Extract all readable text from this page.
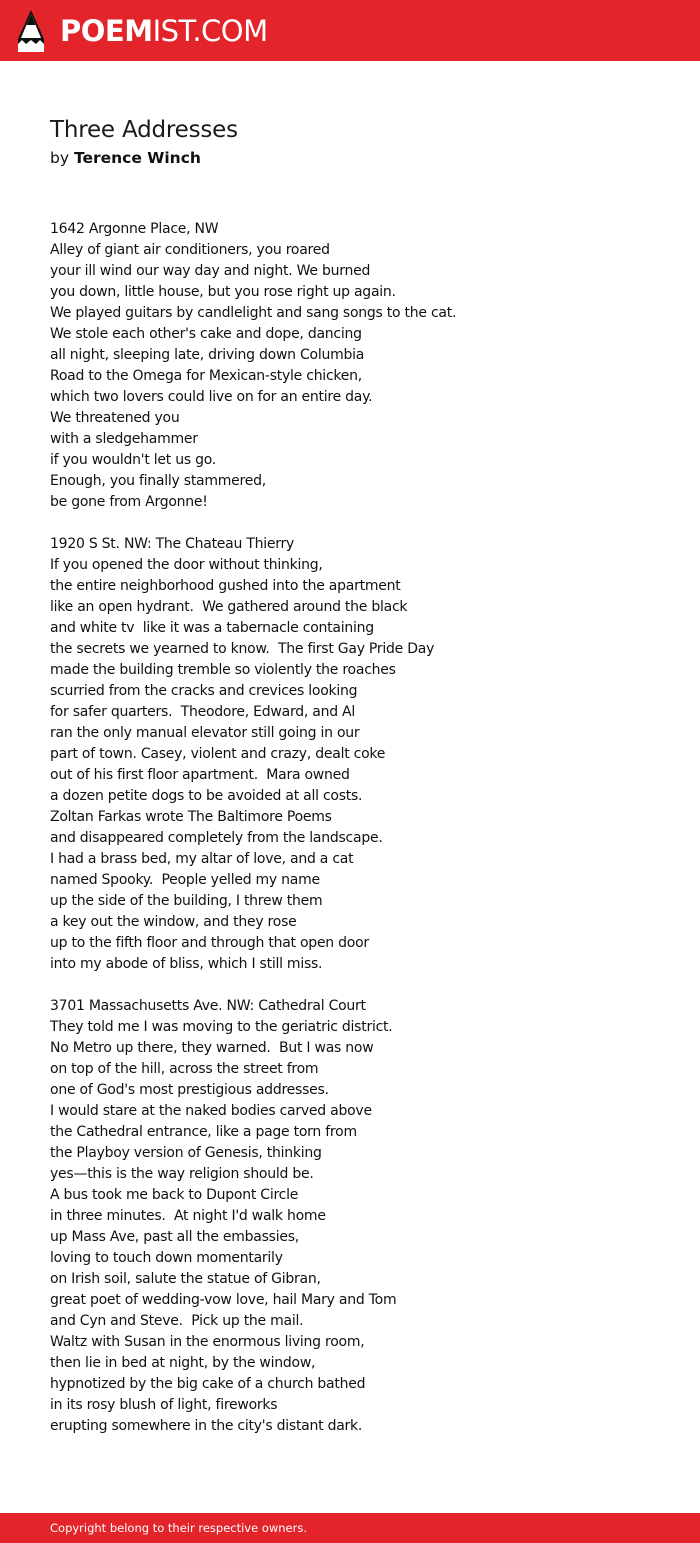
POEMIST.COM
Three Addresses
by Terence Winch
1642 Argonne Place, NW
Alley of giant air conditioners, you roared
your ill wind our way day and night. We burned
you down, little house, but you rose right up again.
We played guitars by candlelight and sang songs to the cat.
We stole each other's cake and dope, dancing
all night, sleeping late, driving down Columbia
Road to the Omega for Mexican-style chicken,
which two lovers could live on for an entire day.
We threatened you
with a sledgehammer
if you wouldn't let us go.
Enough, you finally stammered,
be gone from Argonne!
1920 S St. NW: The Chateau Thierry
If you opened the door without thinking,
the entire neighborhood gushed into the apartment
like an open hydrant.  We gathered around the black
and white tv  like it was a tabernacle containing
the secrets we yearned to know.  The first Gay Pride Day
made the building tremble so violently the roaches
scurried from the cracks and crevices looking
for safer quarters.  Theodore, Edward, and Al
ran the only manual elevator still going in our
part of town. Casey, violent and crazy, dealt coke
out of his first floor apartment.  Mara owned
a dozen petite dogs to be avoided at all costs.
Zoltan Farkas wrote The Baltimore Poems
and disappeared completely from the landscape.
I had a brass bed, my altar of love, and a cat
named Spooky.  People yelled my name
up the side of the building, I threw them
a key out the window, and they rose
up to the fifth floor and through that open door
into my abode of bliss, which I still miss.
3701 Massachusetts Ave. NW: Cathedral Court
They told me I was moving to the geriatric district.
No Metro up there, they warned.  But I was now
on top of the hill, across the street from
one of God's most prestigious addresses.
I would stare at the naked bodies carved above
the Cathedral entrance, like a page torn from
the Playboy version of Genesis, thinking
yes—this is the way religion should be.
A bus took me back to Dupont Circle
in three minutes.  At night I'd walk home
up Mass Ave, past all the embassies,
loving to touch down momentarily
on Irish soil, salute the statue of Gibran,
great poet of wedding-vow love, hail Mary and Tom
and Cyn and Steve.  Pick up the mail.
Waltz with Susan in the enormous living room,
then lie in bed at night, by the window,
hypnotized by the big cake of a church bathed
in its rosy blush of light, fireworks
erupting somewhere in the city's distant dark.
Copyright belong to their respective owners.
